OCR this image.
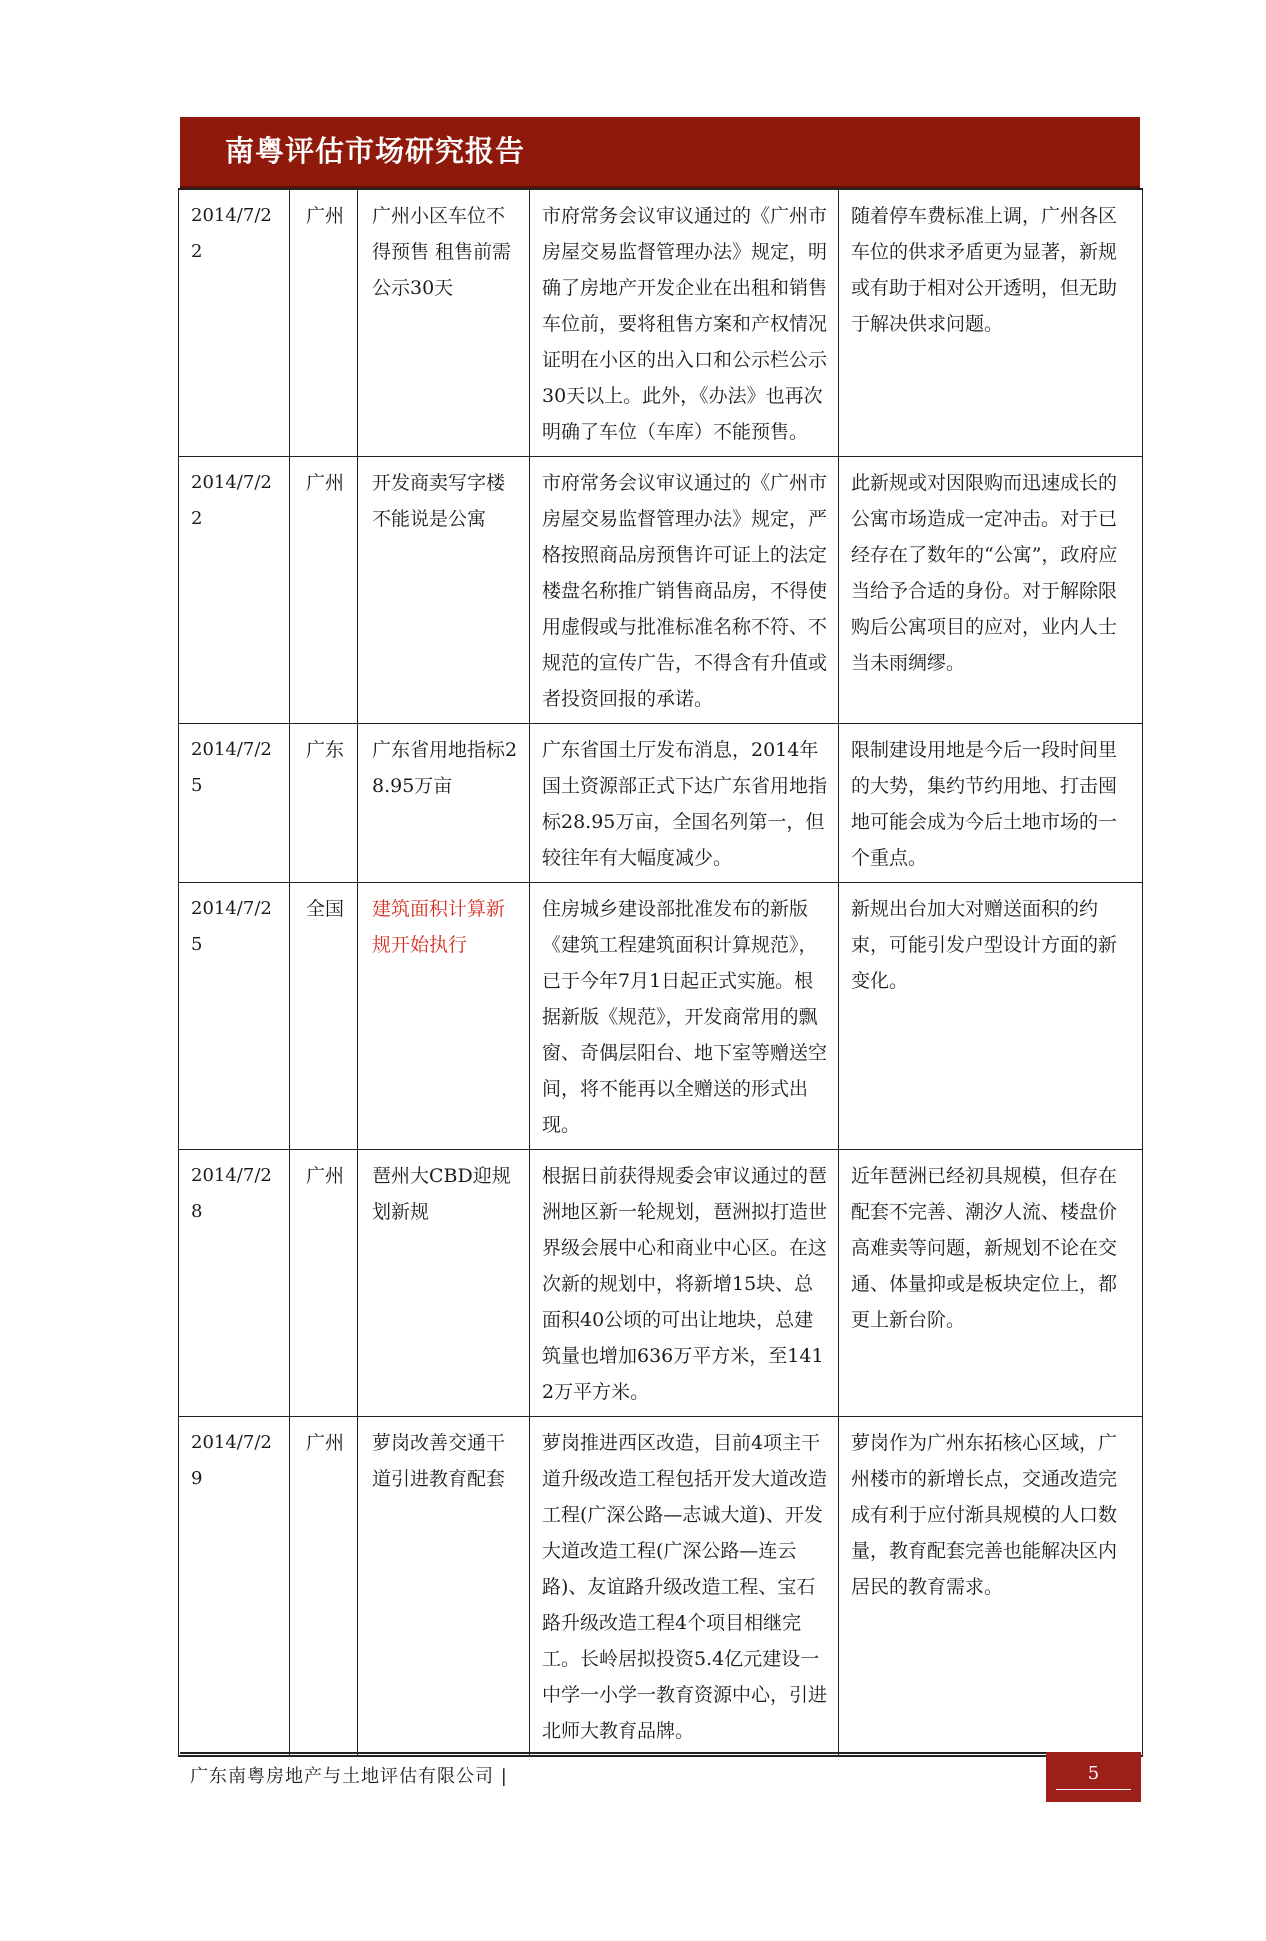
南粤评估市场研究报告
2014/7/22	广州	广州小区车位不得预售 租售前需公示30天	市府常务会议审议通过的《广州市房屋交易监督管理办法》规定，明确了房地产开发企业在出租和销售车位前，要将租售方案和产权情况证明在小区的出入口和公示栏公示30天以上。此外，《办法》也再次明确了车位（车库）不能预售。	随着停车费标准上调，广州各区车位的供求矛盾更为显著，新规或有助于相对公开透明，但无助于解决供求问题。
2014/7/22	广州	开发商卖写字楼不能说是公寓	市府常务会议审议通过的《广州市房屋交易监督管理办法》规定，严格按照商品房预售许可证上的法定楼盘名称推广销售商品房，不得使用虚假或与批准标准名称不符、不规范的宣传广告，不得含有升值或者投资回报的承诺。	此新规或对因限购而迅速成长的公寓市场造成一定冲击。对于已经存在了数年的“公寓”，政府应当给予合适的身份。对于解除限购后公寓项目的应对，业内人士当未雨绸缪。
2014/7/25	广东	广东省用地指标28.95万亩	广东省国土厅发布消息，2014年国土资源部正式下达广东省用地指标28.95万亩，全国名列第一，但较往年有大幅度减少。	限制建设用地是今后一段时间里的大势，集约节约用地、打击囤地可能会成为今后土地市场的一个重点。
2014/7/25	全国	建筑面积计算新规开始执行	住房城乡建设部批准发布的新版《建筑工程建筑面积计算规范》，已于今年7月1日起正式实施。根据新版《规范》，开发商常用的飘窗、奇偶层阳台、地下室等赠送空间，将不能再以全赠送的形式出现。	新规出台加大对赠送面积的约束，可能引发户型设计方面的新变化。
2014/7/28	广州	琶州大CBD迎规划新规	根据日前获得规委会审议通过的琶洲地区新一轮规划，琶洲拟打造世界级会展中心和商业中心区。在这次新的规划中，将新增15块、总面积40公顷的可出让地块，总建筑量也增加636万平方米，至1412万平方米。	近年琶洲已经初具规模，但存在配套不完善、潮汐人流、楼盘价高难卖等问题，新规划不论在交通、体量抑或是板块定位上，都更上新台阶。
2014/7/29	广州	萝岗改善交通干道引进教育配套	萝岗推进西区改造，目前4项主干道升级改造工程包括开发大道改造工程(广深公路—志诚大道)、开发大道改造工程(广深公路—连云路)、友谊路升级改造工程、宝石路升级改造工程4个项目相继完工。长岭居拟投资5.4亿元建设一中学一小学一教育资源中心，引进北师大教育品牌。	萝岗作为广州东拓核心区域，广州楼市的新增长点，交通改造完成有利于应付渐具规模的人口数量，教育配套完善也能解决区内居民的教育需求。
广东南粤房地产与土地评估有限公司 |	5
